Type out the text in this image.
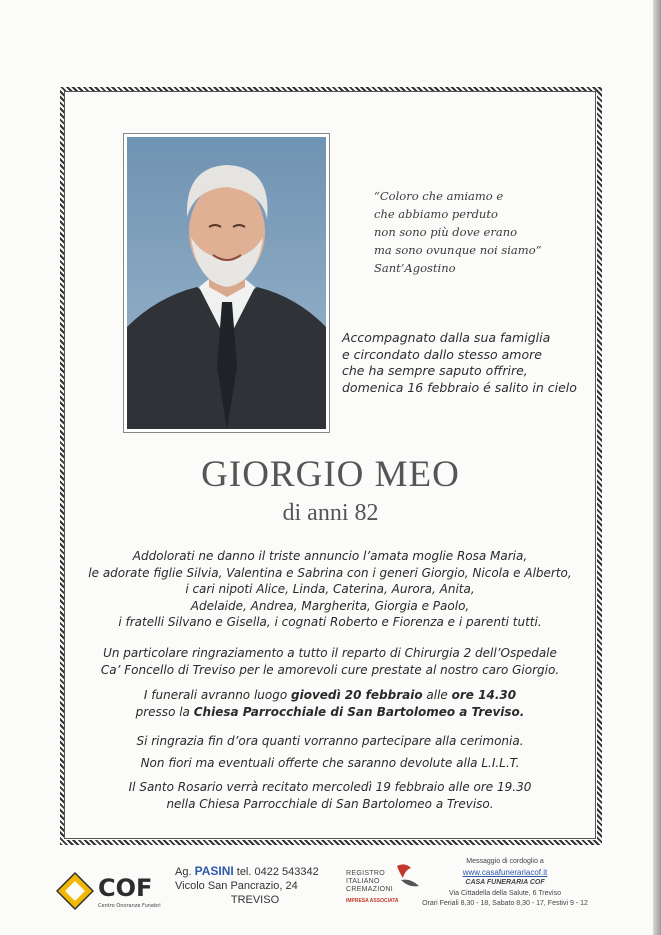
“Coloro che amiamo e
che abbiamo perduto
non sono più dove erano
ma sono ovunque noi siamo”
Sant’Agostino
Accompagnato dalla sua famiglia
e circondato dallo stesso amore
che ha sempre saputo offrire,
domenica 16 febbraio é salito in cielo
GIORGIO MEO
di anni 82
Addolorati ne danno il triste annuncio l’amata moglie Rosa Maria,
le adorate figlie Silvia, Valentina e Sabrina con i generi Giorgio, Nicola e Alberto,
i cari nipoti Alice, Linda, Caterina, Aurora, Anita,
Adelaide, Andrea, Margherita, Giorgia e Paolo,
i fratelli Silvano e Gisella, i cognati Roberto e Fiorenza e i parenti tutti.
Un particolare ringraziamento a tutto il reparto di Chirurgia 2 dell’Ospedale
Ca’ Foncello di Treviso per le amorevoli cure prestate al nostro caro Giorgio.
I funerali avranno luogo giovedì 20 febbraio alle ore 14.30
presso la Chiesa Parrocchiale di San Bartolomeo a Treviso.
Si ringrazia fin d’ora quanti vorranno partecipare alla cerimonia.
Non fiori ma eventuali offerte che saranno devolute alla L.I.L.T.
Il Santo Rosario verrà recitato mercoledì 19 febbraio alle ore 19.30
nella Chiesa Parrocchiale di San Bartolomeo a Treviso.
COF
Centro Onoranze Funebri
Ag. PASINI tel. 0422 543342
Vicolo San Pancrazio, 24
TREVISO
REGISTRO
ITALIANO
CREMAZIONI
IMPRESA ASSOCIATA
Messaggio di cordoglio a
www.casafunerariacof.it
CASA FUNERARIA COF
Via Cittadella della Salute, 6 Treviso
Orari Feriali 8,30 - 18, Sabato 8,30 - 17, Festivi 9 - 12
